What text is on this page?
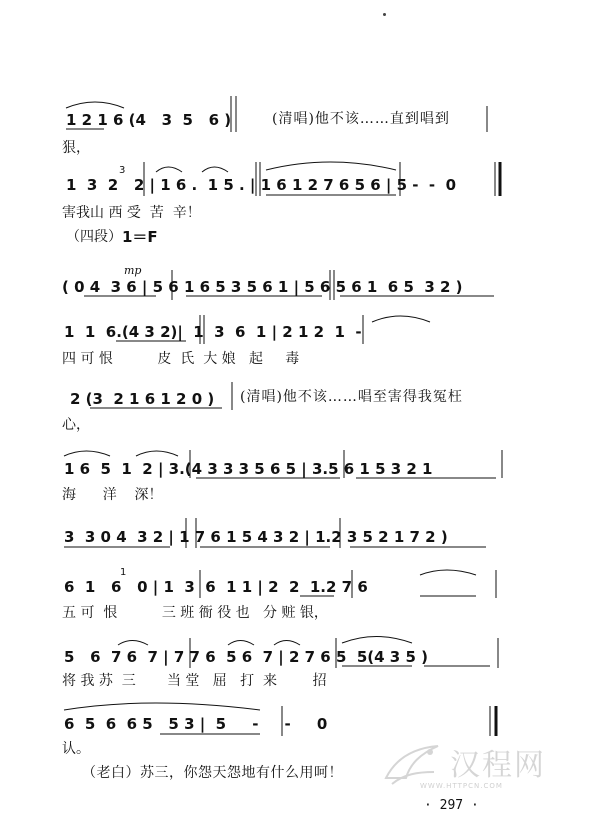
1 2 1 6 (4   3  5   6 )	(清唱)他不该……直到唱到
狠，
3
1  3  2   2 | 1 6 .  1 5 . | 1 6 1 2 7 6 5 6 | 5 -  -  0
害我山 西 受  苦  辛！
（四段） 1＝F
mp
( 0 4  3 6 | 5 6 1 6 5 3 5 6 1 | 5 6 5 6 1  6 5  3 2 )
1  1  6.(4 3 2)|  1  3  6  1 | 2 1 2  1  -
四 可 恨          皮  氏  大 娘   起     毒
2 (3  2 1 6 1 2 0 ) (清唱)他不该……唱至害得我冤枉
心，
1 6  5  1  2 | 3.(4 3 3 3 5 6 5 | 3.5 6 1 5 3 2 1
海      洋    深！
3  3 0 4  3 2 | 1 7 6 1 5 4 3 2 | 1.2 3 5 2 1 7 2 )
1
6  1   6   0 | 1  3  6  1 1 | 2  2  1.2 7 6
五 可  恨          三 班 衙 役 也   分 赃 银，
5   6  7 6  7 | 7 7 6  5 6  7 | 2 7 6 5  5(4 3 5 )
将 我 苏  三       当 堂   屈   打  来        招
6  5  6  6 5   5 3 |  5     -     -     0
认。
（老白）苏三，你怨天怨地有什么用呵！
· 297 ·
汉程网
WWW.HTTPCN.COM
